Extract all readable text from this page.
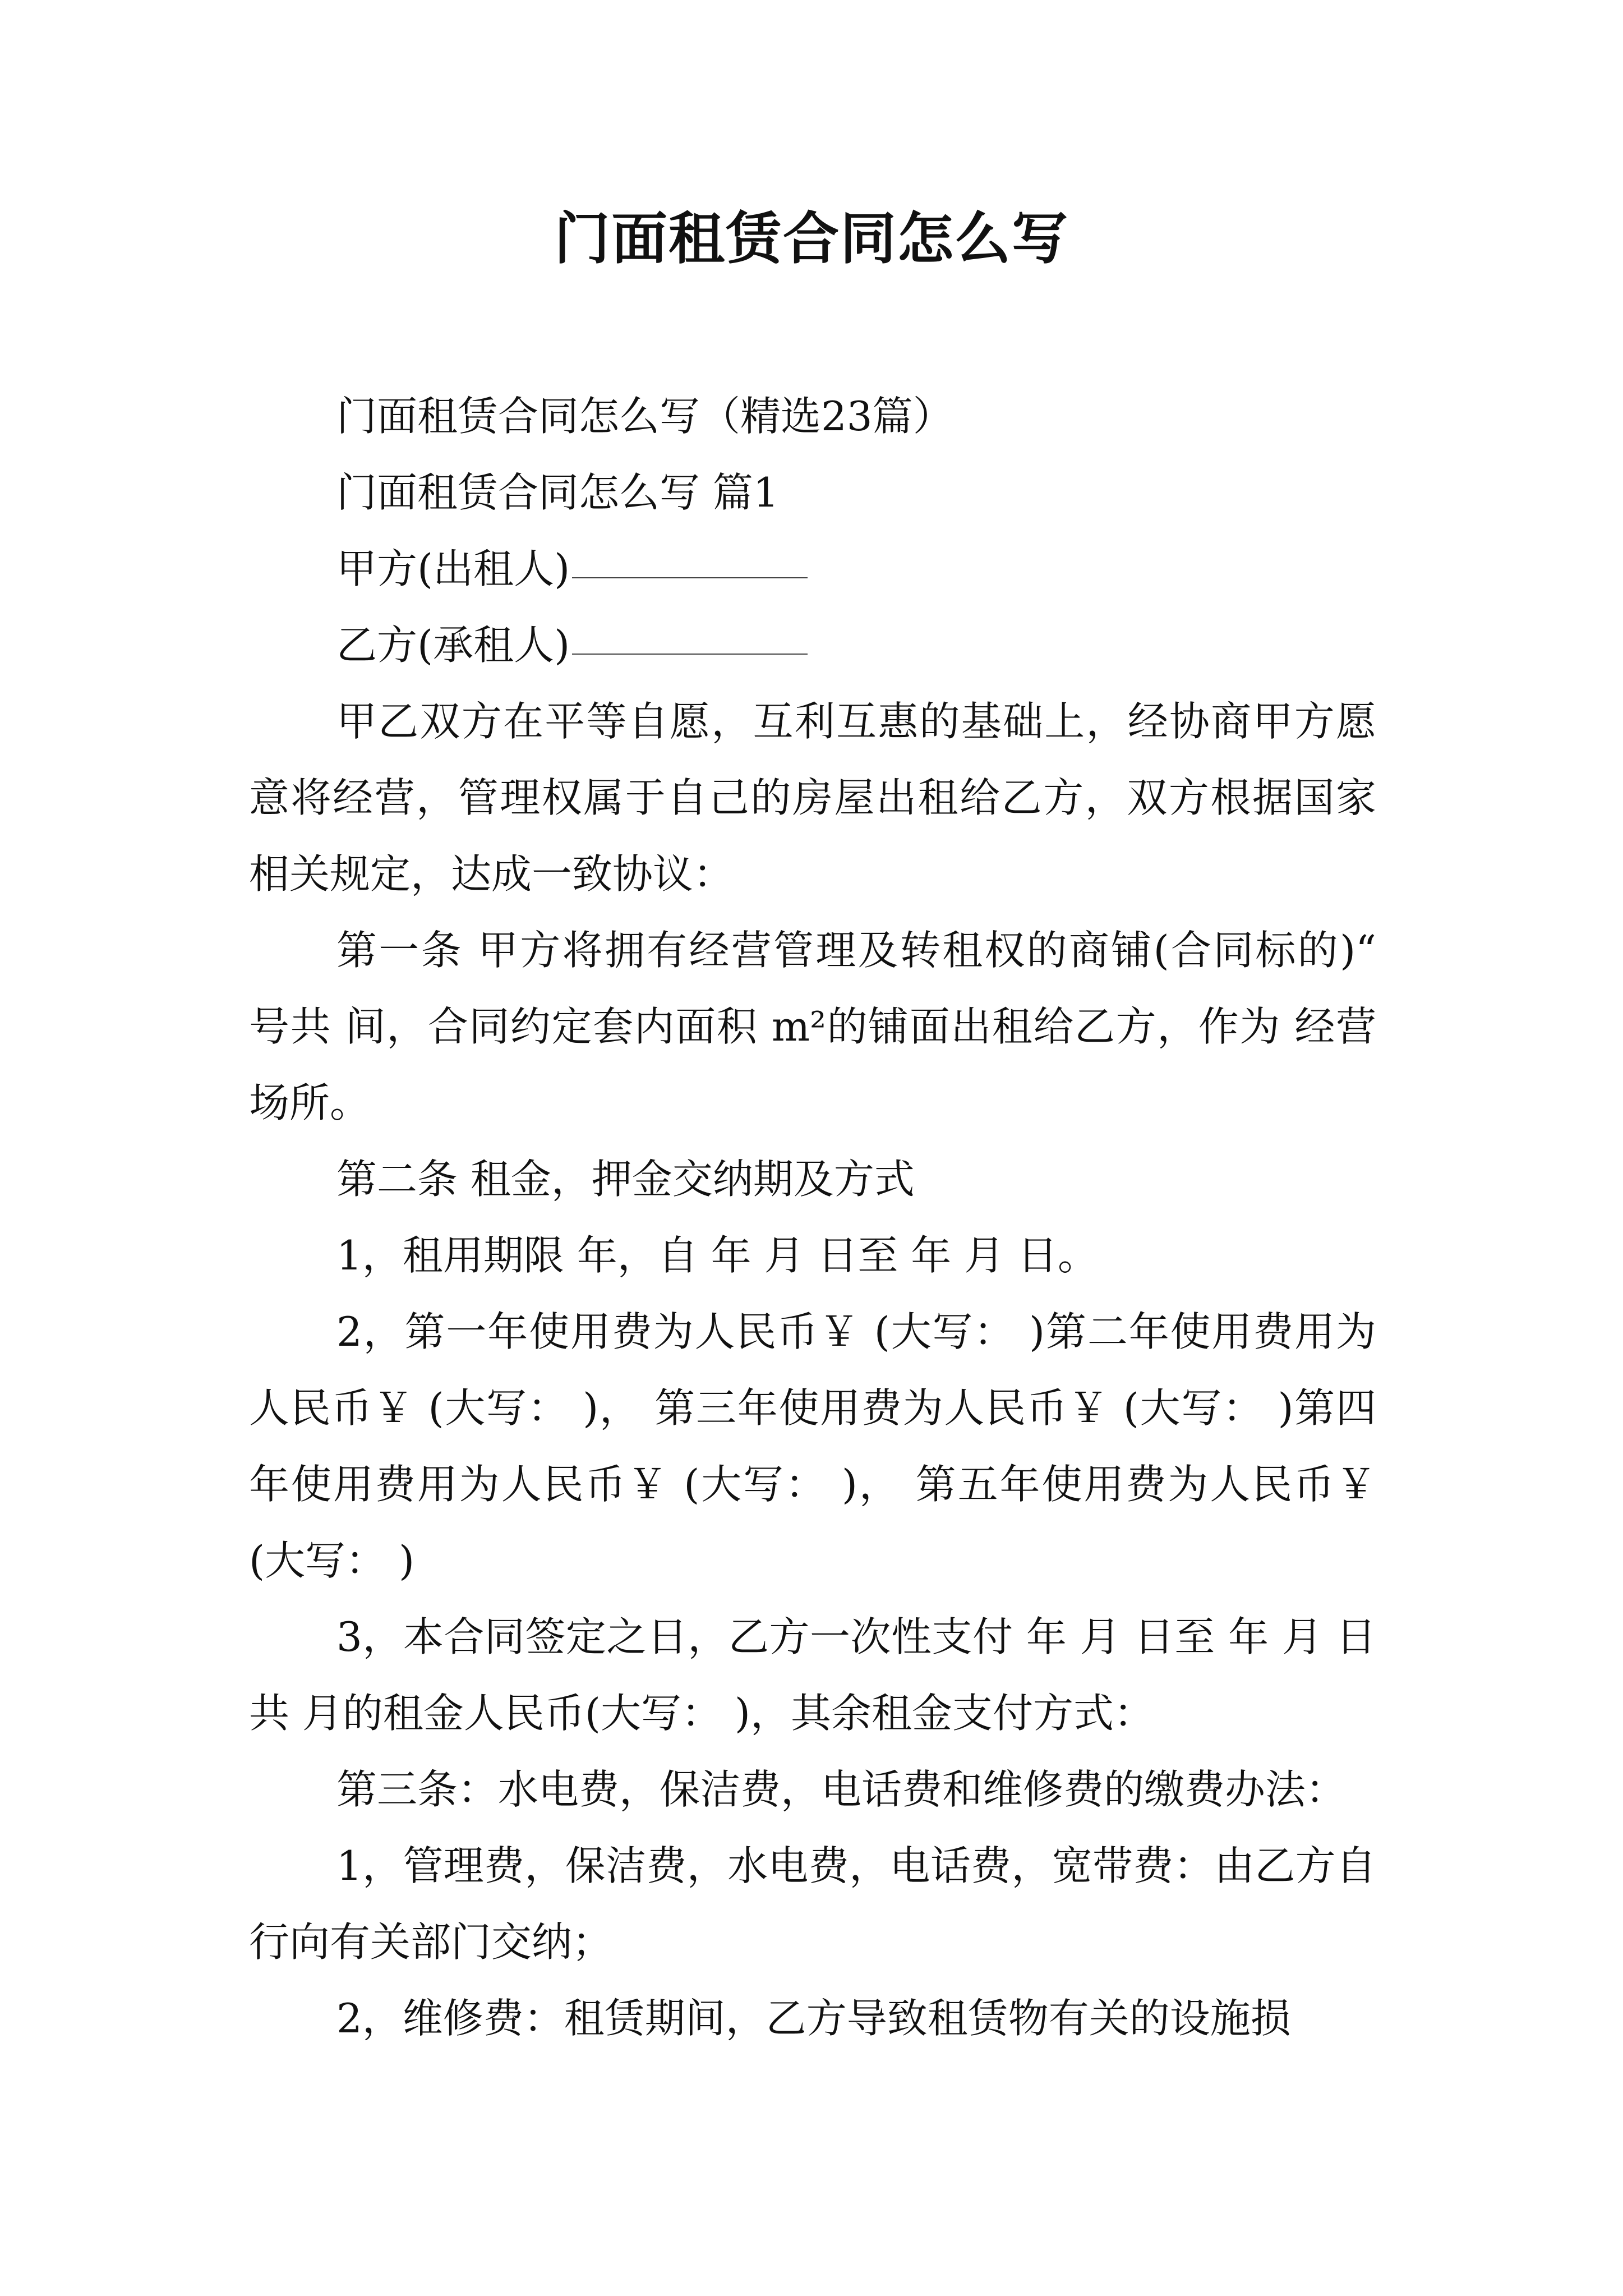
门面租赁合同怎么写

门面租赁合同怎么写（精选23篇）

门面租赁合同怎么写 篇1

甲方(出租人)

乙方(承租人)

甲乙双方在平等自愿，互利互惠的基础上，经协商甲方愿意将经营，管理权属于自己的房屋出租给乙方，双方根据国家相关规定，达成一致协议：

第一条 甲方将拥有经营管理及转租权的商铺(合同标的)“ 号共 间，合同约定套内面积 m²的铺面出租给乙方，作为 经营场所。

第二条 租金，押金交纳期及方式

1，租用期限 年，自 年 月 日至 年 月 日。

2，第一年使用费为人民币￥ (大写： )第二年使用费用为人民币￥ (大写： )， 第三年使用费为人民币￥ (大写： )第四年使用费用为人民币￥ (大写： )， 第五年使用费为人民币￥ (大写： )

3，本合同签定之日，乙方一次性支付 年 月 日至 年 月 日共 月的租金人民币(大写： )，其余租金支付方式：

第三条：水电费，保洁费，电话费和维修费的缴费办法：

1，管理费，保洁费，水电费，电话费，宽带费：由乙方自行向有关部门交纳；

2，维修费：租赁期间，乙方导致租赁物有关的设施损
